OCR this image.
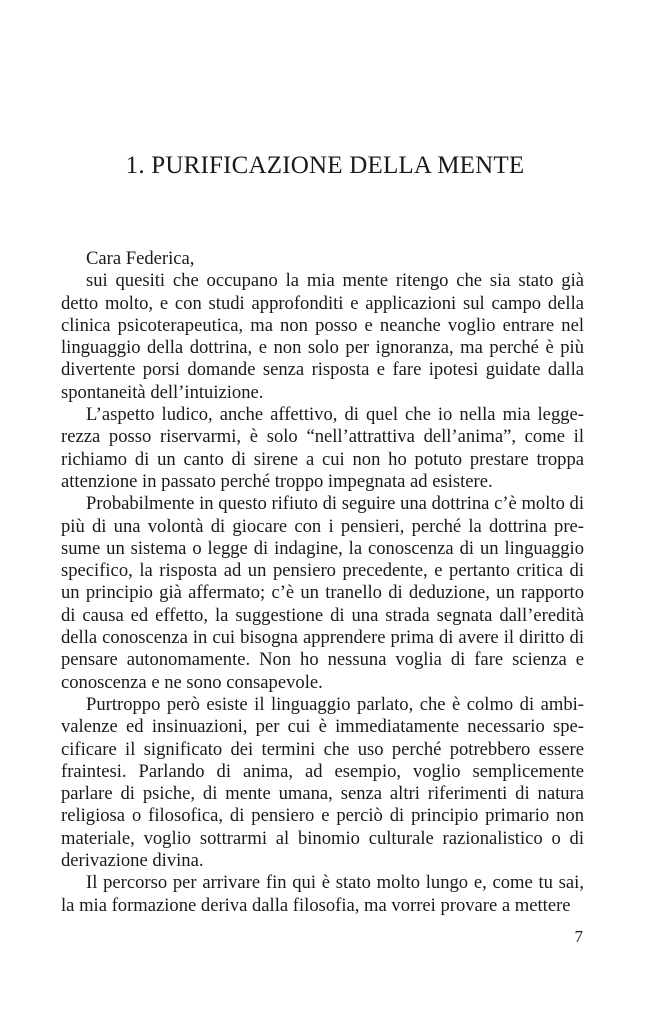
1. PURIFICAZIONE DELLA MENTE

Cara Federica,

sui quesiti che occupano la mia mente ritengo che sia stato già detto molto, e con studi approfonditi e applicazioni sul campo della clinica psicoterapeutica, ma non posso e neanche voglio entrare nel linguaggio della dottrina, e non solo per ignoranza, ma perché è più divertente porsi domande senza risposta e fare ipotesi guidate dalla spontaneità dell’intuizione.

L’aspetto ludico, anche affettivo, di quel che io nella mia leggerezza posso riservarmi, è solo “nell’attrattiva dell’anima”, come il richiamo di un canto di sirene a cui non ho potuto prestare troppa attenzione in passato perché troppo impegnata ad esistere.

Probabilmente in questo rifiuto di seguire una dottrina c’è molto di più di una volontà di giocare con i pensieri, perché la dottrina presume un sistema o legge di indagine, la conoscenza di un linguaggio specifico, la risposta ad un pensiero precedente, e pertanto critica di un principio già affermato; c’è un tranello di deduzione, un rapporto di causa ed effetto, la suggestione di una strada segnata dall’eredità della conoscenza in cui bisogna apprendere prima di avere il diritto di pensare autonomamente. Non ho nessuna voglia di fare scienza e conoscenza e ne sono consapevole.

Purtroppo però esiste il linguaggio parlato, che è colmo di ambivalenze ed insinuazioni, per cui è immediatamente necessario specificare il significato dei termini che uso perché potrebbero essere fraintesi. Parlando di anima, ad esempio, voglio semplicemente parlare di psiche, di mente umana, senza altri riferimenti di natura religiosa o filosofica, di pensiero e perciò di principio primario non materiale, voglio sottrarmi al binomio culturale razionalistico o di derivazione divina.

Il percorso per arrivare fin qui è stato molto lungo e, come tu sai, la mia formazione deriva dalla filosofia, ma vorrei provare a mettere

7
